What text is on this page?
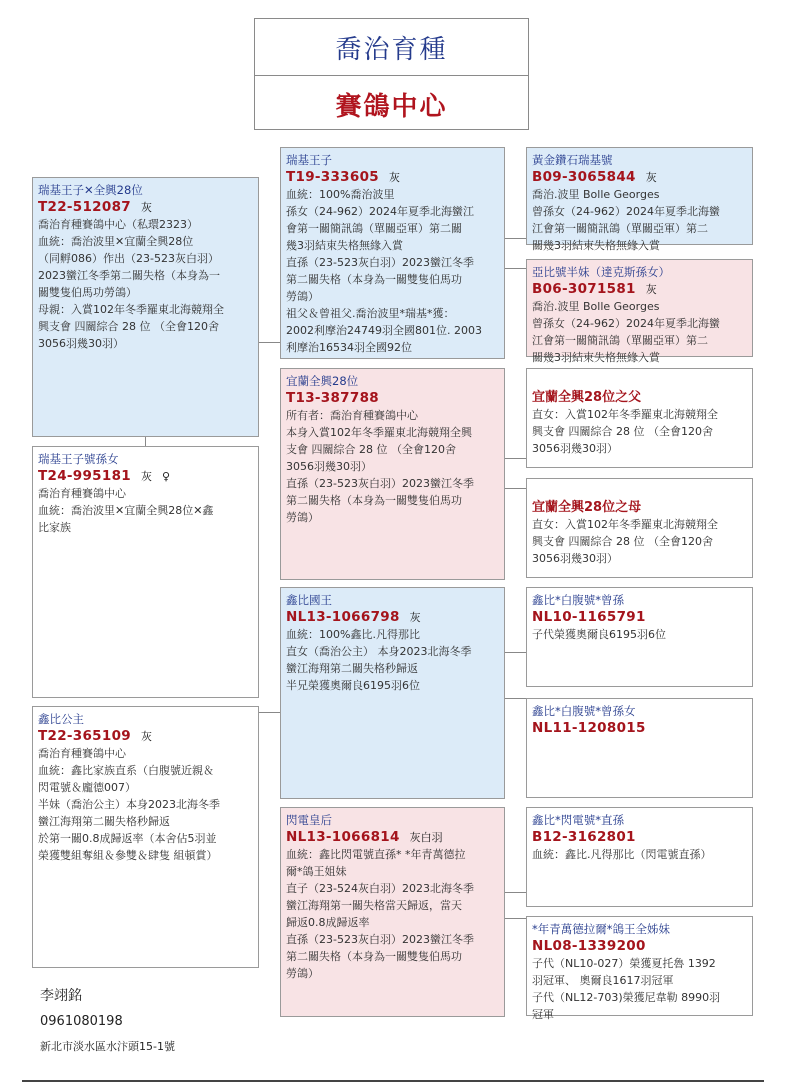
喬治育種
賽鴿中心
瑞基王子✕全興28位
T22-512087 灰
喬治育種賽鴿中心（私環2323）
血統：喬治波里✕宜蘭全興28位
（同孵086）作出（23-523灰白羽）
2023蠻江冬季第二關失格（本身為一
關雙隻伯馬功勞鴿）
母親：入賞102年冬季羅東北海競翔全
興支會 四關綜合 28 位 （全會120舍
3056羽幾30羽）
瑞基王子號孫女
T24-995181 灰 ♀
喬治育種賽鴿中心
血統：喬治波里✕宜蘭全興28位✕鑫
比家族
鑫比公主
T22-365109 灰
喬治育種賽鴿中心
血統：鑫比家族直系（白腹號近親＆
閃電號＆龐德007）
半妹（喬治公主）本身2023北海冬季
蠻江海翔第二關失格秒歸返
於第一關0.8成歸返率（本舍佔5羽並
榮獲雙組奪組＆參雙＆肆隻 組頓賞）
瑞基王子
T19-333605 灰
血統：100%喬治波里
孫女（24-962）2024年夏季北海蠻江
會第一關簡訊鴿（單關亞軍）第二關
幾3羽結束失格無緣入賞
直孫（23-523灰白羽）2023蠻江冬季
第二關失格（本身為一關雙隻伯馬功
勞鴿）
祖父＆曾祖父.喬治波里*瑞基*獲：
2002利摩治24749羽全國801位. 2003
利摩治16534羽全國92位
宜蘭全興28位
T13-387788
所有者：喬治育種賽鴿中心
本身入賞102年冬季羅東北海競翔全興
支會 四關綜合 28 位 （全會120舍
3056羽幾30羽）
直孫（23-523灰白羽）2023蠻江冬季
第二關失格（本身為一關雙隻伯馬功
勞鴿）
鑫比國王
NL13-1066798 灰
血統：100%鑫比.凡得那比
直女（喬治公主） 本身2023北海冬季
蠻江海翔第二關失格秒歸返
半兄榮獲奧爾良6195羽6位
閃電皇后
NL13-1066814 灰白羽
血統：鑫比閃電號直孫* *年青萬德拉
爾*鴿王姐妹
直子（23-524灰白羽）2023北海冬季
蠻江海翔第一關失格當天歸返，當天
歸返0.8成歸返率
直孫（23-523灰白羽）2023蠻江冬季
第二關失格（本身為一關雙隻伯馬功
勞鴿）
黃金鑽石瑞基號
B09-3065844 灰
喬治.波里 Bolle Georges
曾孫女（24-962）2024年夏季北海蠻
江會第一關簡訊鴿（單關亞軍）第二
關幾3羽結束失格無緣入賞
亞比號半妹（達克斯孫女）
B06-3071581 灰
喬治.波里 Bolle Georges
曾孫女（24-962）2024年夏季北海蠻
江會第一關簡訊鴿（單關亞軍）第二
關幾3羽結束失格無緣入賞
宜蘭全興28位之父
直女：入賞102年冬季羅東北海競翔全
興支會 四關綜合 28 位 （全會120舍
3056羽幾30羽）
宜蘭全興28位之母
直女：入賞102年冬季羅東北海競翔全
興支會 四關綜合 28 位 （全會120舍
3056羽幾30羽）
鑫比*白腹號*曾孫
NL10-1165791
子代榮獲奧爾良6195羽6位
鑫比*白腹號*曾孫女
NL11-1208015
鑫比*閃電號*直孫
B12-3162801
血統：鑫比.凡得那比（閃電號直孫）
*年青萬德拉爾*鴿王全姊妹
NL08-1339200
子代（NL10-027）榮獲夏托魯 1392
羽冠軍、 奧爾良1617羽冠軍
子代（NL12-703)榮獲尼韋勒 8990羽
冠軍
李翊銘
0961080198
新北市淡水區水汴頭15-1號
